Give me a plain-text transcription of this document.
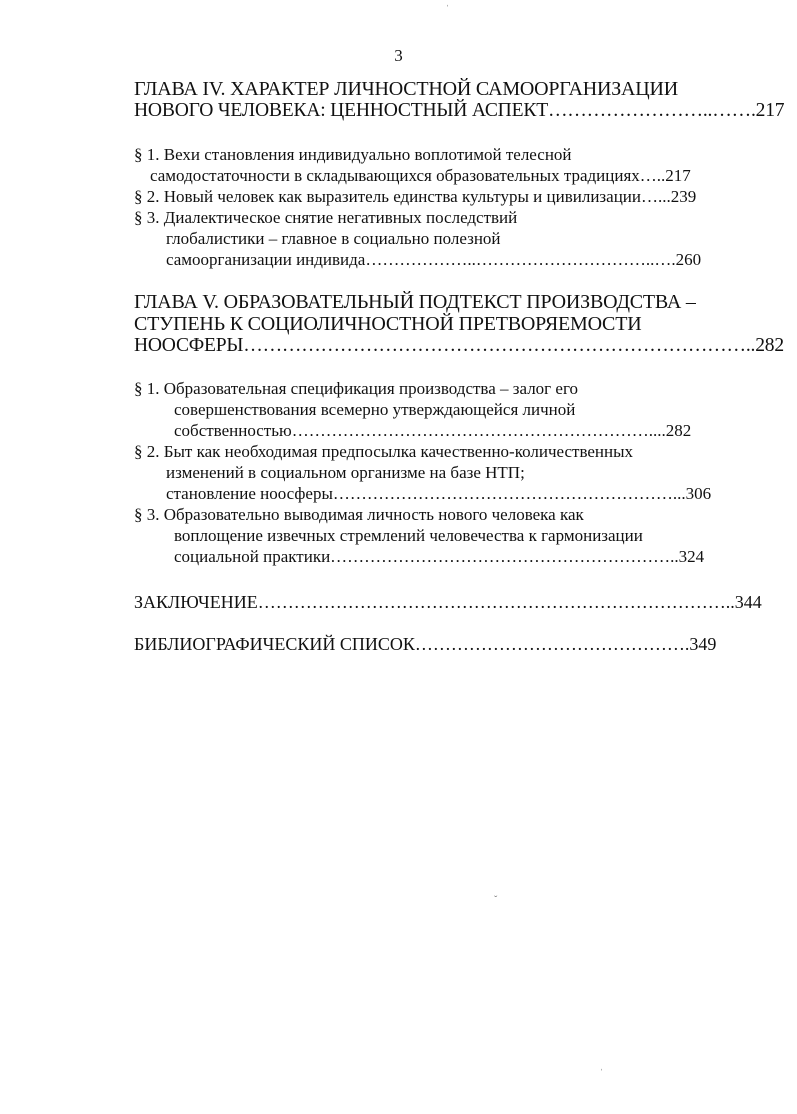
3
ГЛАВА IV. ХАРАКТЕР ЛИЧНОСТНОЙ САМООРГАНИЗАЦИИ
НОВОГО ЧЕЛОВЕКА: ЦЕННОСТНЫЙ АСПЕКТ……………………..…….217
§ 1. Вехи становления индивидуально воплотимой телесной
самодостаточности в складывающихся образовательных традициях…..217
§ 2. Новый человек как выразитель единства культуры и цивилизации…...239
§ 3. Диалектическое снятие негативных последствий
глобалистики – главное в социально полезной
самоорганизации индивида………………..…………………………..….260
ГЛАВА V. ОБРАЗОВАТЕЛЬНЫЙ ПОДТЕКСТ ПРОИЗВОДСТВА –
СТУПЕНЬ К СОЦИОЛИЧНОСТНОЙ ПРЕТВОРЯЕМОСТИ
НООСФЕРЫ……………………………………………………………………..282
§ 1. Образовательная спецификация производства – залог его
совершенствования всемерно утверждающейся личной
собственностью………………………………………………………....282
§ 2. Быт как необходимая предпосылка качественно-количественных
изменений в социальном организме на базе НТП;
становление ноосферы……………………………………………………...306
§ 3. Образовательно выводимая личность нового человека как
воплощение извечных стремлений человечества к гармонизации
социальной практики……………………………………………………..324
ЗАКЛЮЧЕНИЕ……………………………………………………………………..344
БИБЛИОГРАФИЧЕСКИЙ СПИСОК……………………………………….349
ˈ
ˇ
ˈ
